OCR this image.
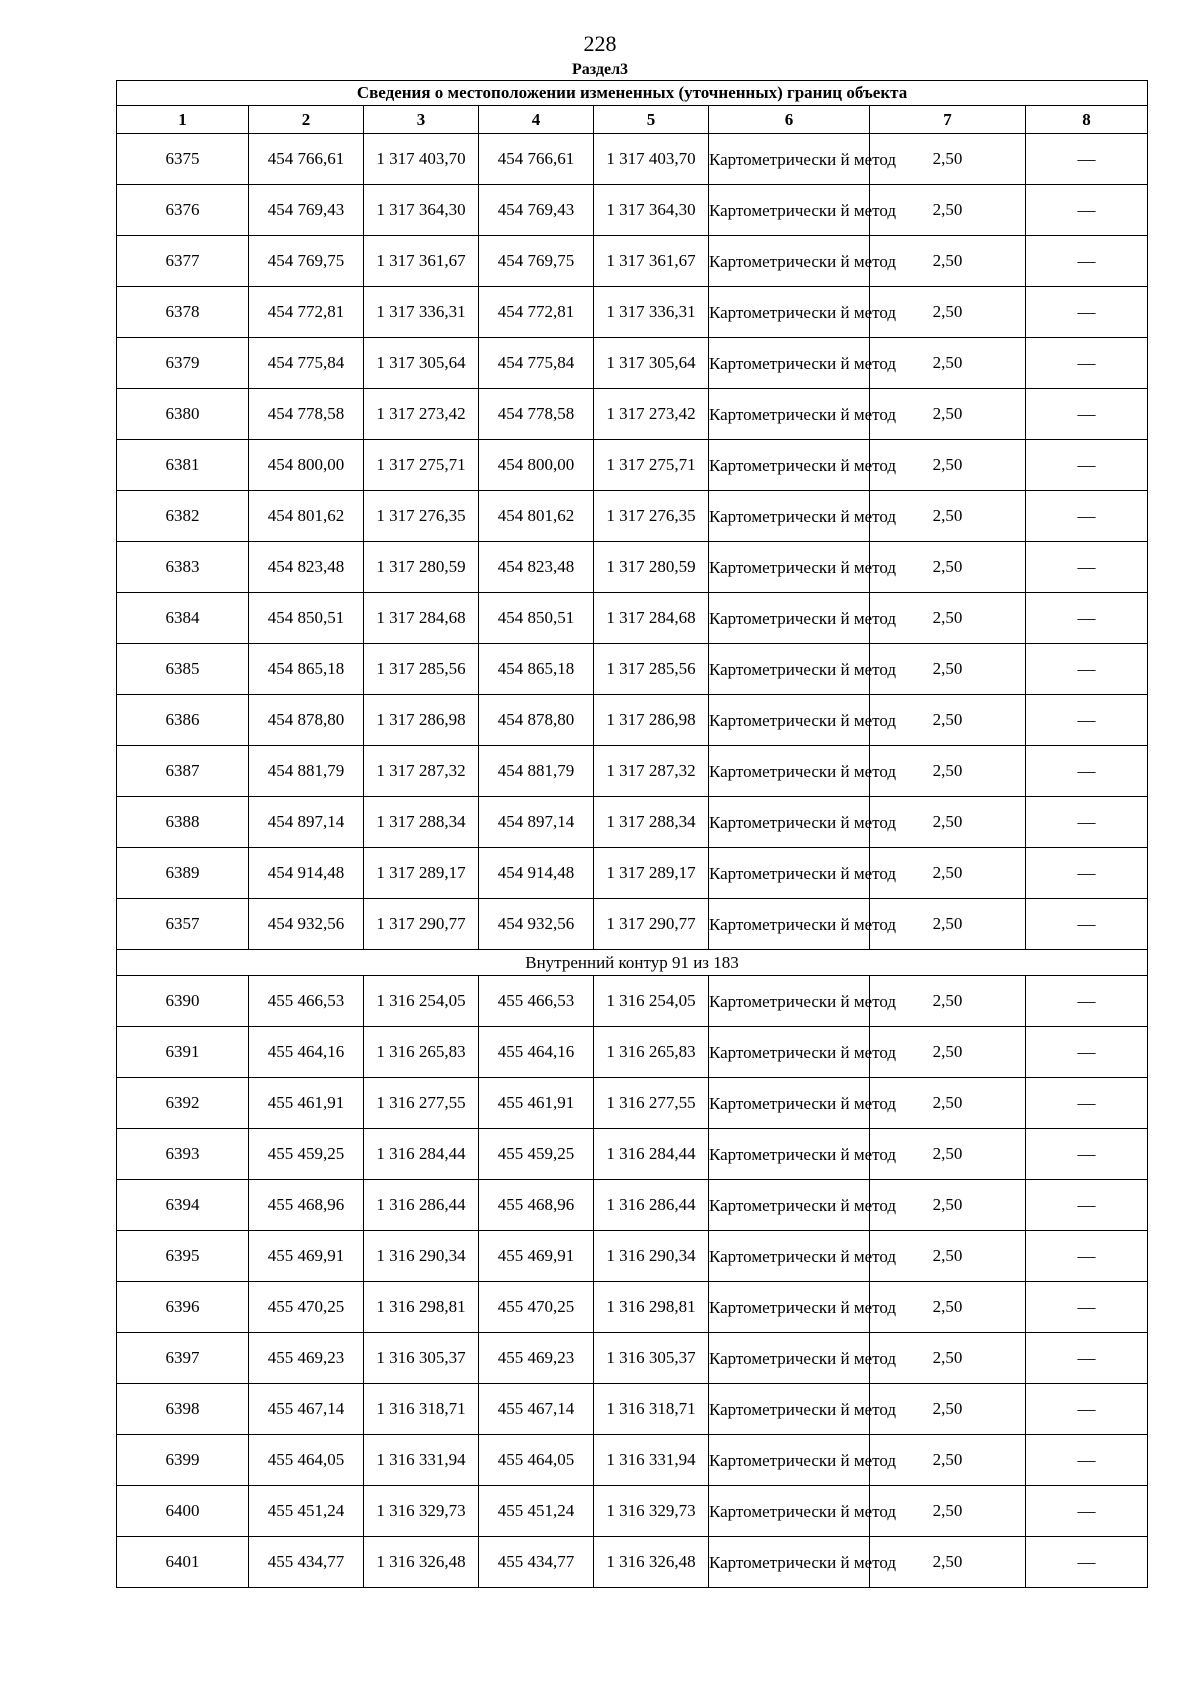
228
Раздел3
Сведения о местоположении измененных (уточненных) границ объекта							
1	2	3	4	5	6	7	8
6375	454 766,61	1 317 403,70	454 766,61	1 317 403,70	Картометрически й метод	2,50	—
6376	454 769,43	1 317 364,30	454 769,43	1 317 364,30	Картометрически й метод	2,50	—
6377	454 769,75	1 317 361,67	454 769,75	1 317 361,67	Картометрически й метод	2,50	—
6378	454 772,81	1 317 336,31	454 772,81	1 317 336,31	Картометрически й метод	2,50	—
6379	454 775,84	1 317 305,64	454 775,84	1 317 305,64	Картометрически й метод	2,50	—
6380	454 778,58	1 317 273,42	454 778,58	1 317 273,42	Картометрически й метод	2,50	—
6381	454 800,00	1 317 275,71	454 800,00	1 317 275,71	Картометрически й метод	2,50	—
6382	454 801,62	1 317 276,35	454 801,62	1 317 276,35	Картометрически й метод	2,50	—
6383	454 823,48	1 317 280,59	454 823,48	1 317 280,59	Картометрически й метод	2,50	—
6384	454 850,51	1 317 284,68	454 850,51	1 317 284,68	Картометрически й метод	2,50	—
6385	454 865,18	1 317 285,56	454 865,18	1 317 285,56	Картометрически й метод	2,50	—
6386	454 878,80	1 317 286,98	454 878,80	1 317 286,98	Картометрически й метод	2,50	—
6387	454 881,79	1 317 287,32	454 881,79	1 317 287,32	Картометрически й метод	2,50	—
6388	454 897,14	1 317 288,34	454 897,14	1 317 288,34	Картометрически й метод	2,50	—
6389	454 914,48	1 317 289,17	454 914,48	1 317 289,17	Картометрически й метод	2,50	—
6357	454 932,56	1 317 290,77	454 932,56	1 317 290,77	Картометрически й метод	2,50	—
Внутренний контур 91 из 183							
6390	455 466,53	1 316 254,05	455 466,53	1 316 254,05	Картометрически й метод	2,50	—
6391	455 464,16	1 316 265,83	455 464,16	1 316 265,83	Картометрически й метод	2,50	—
6392	455 461,91	1 316 277,55	455 461,91	1 316 277,55	Картометрически й метод	2,50	—
6393	455 459,25	1 316 284,44	455 459,25	1 316 284,44	Картометрически й метод	2,50	—
6394	455 468,96	1 316 286,44	455 468,96	1 316 286,44	Картометрически й метод	2,50	—
6395	455 469,91	1 316 290,34	455 469,91	1 316 290,34	Картометрически й метод	2,50	—
6396	455 470,25	1 316 298,81	455 470,25	1 316 298,81	Картометрически й метод	2,50	—
6397	455 469,23	1 316 305,37	455 469,23	1 316 305,37	Картометрически й метод	2,50	—
6398	455 467,14	1 316 318,71	455 467,14	1 316 318,71	Картометрически й метод	2,50	—
6399	455 464,05	1 316 331,94	455 464,05	1 316 331,94	Картометрически й метод	2,50	—
6400	455 451,24	1 316 329,73	455 451,24	1 316 329,73	Картометрически й метод	2,50	—
6401	455 434,77	1 316 326,48	455 434,77	1 316 326,48	Картометрически й метод	2,50	—
